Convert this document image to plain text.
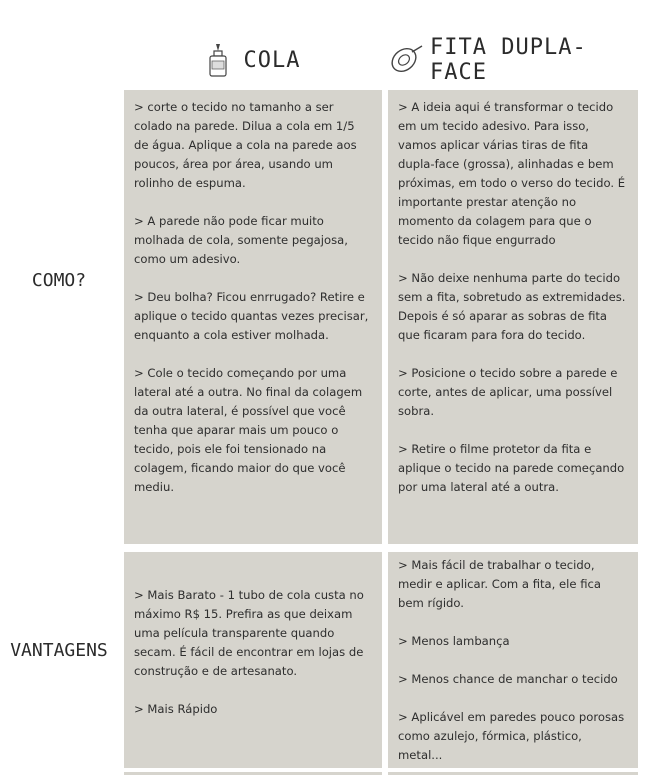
COLA	FITA DUPLA-FACE
COMO?
VANTAGENS

> corte o tecido no tamanho a ser colado na parede. Dilua a cola em 1/5 de água. Aplique a cola na parede aos poucos, área por área, usando um rolinho de espuma.

> A parede não pode ficar muito molhada de cola, somente pegajosa, como um adesivo.

> Deu bolha? Ficou enrrugado? Retire e aplique o tecido quantas vezes precisar, enquanto a cola estiver molhada.

> Cole o tecido começando por uma lateral até a outra. No final da colagem da outra lateral, é possível que você tenha que aparar mais um pouco o tecido, pois ele foi tensionado na colagem, ficando maior do que você mediu.

> A ideia aqui é transformar o tecido em um tecido adesivo. Para isso, vamos aplicar várias tiras de fita dupla-face (grossa), alinhadas e bem próximas, em todo o verso do tecido. É importante prestar atenção no momento da colagem para que o tecido não fique engurrado

> Não deixe nenhuma parte do tecido sem a fita, sobretudo as extremidades. Depois é só aparar as sobras de fita que ficaram para fora do tecido.

> Posicione o tecido sobre a parede e corte, antes de aplicar, uma possível sobra.

> Retire o filme protetor da fita e aplique o tecido na parede começando por uma lateral até a outra.

> Mais Barato - 1 tubo de cola custa no máximo R$ 15. Prefira as que deixam uma película transparente quando secam. É fácil de encontrar em lojas de construção e de artesanato.

> Mais Rápido

> Mais fácil de trabalhar o tecido, medir e aplicar. Com a fita, ele fica bem rígido.

> Menos lambança

> Menos chance de manchar o tecido

> Aplicável em paredes pouco porosas como azulejo, fórmica, plástico, metal...
